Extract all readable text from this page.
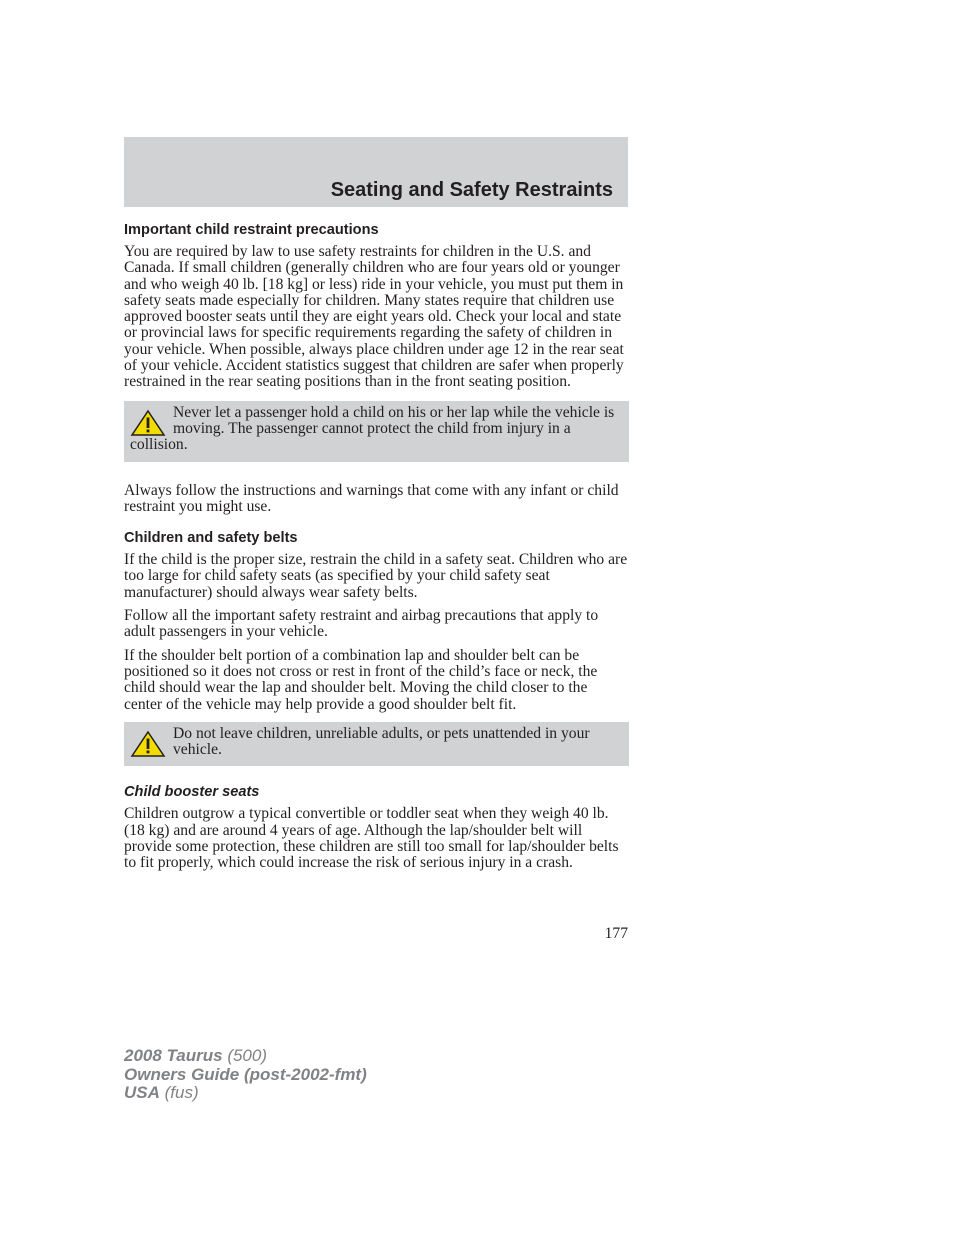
Seating and Safety Restraints
Important child restraint precautions

You are required by law to use safety restraints for children in the U.S. and Canada. If small children (generally children who are four years old or younger and who weigh 40 lb. [18 kg] or less) ride in your vehicle, you must put them in safety seats made especially for children. Many states require that children use approved booster seats until they are eight years old. Check your local and state or provincial laws for specific requirements regarding the safety of children in your vehicle. When possible, always place children under age 12 in the rear seat of your vehicle. Accident statistics suggest that children are safer when properly restrained in the rear seating positions than in the front seating position.

Never let a passenger hold a child on his or her lap while the vehicle is moving. The passenger cannot protect the child from injury in a collision.

Always follow the instructions and warnings that come with any infant or child restraint you might use.

Children and safety belts

If the child is the proper size, restrain the child in a safety seat. Children who are too large for child safety seats (as specified by your child safety seat manufacturer) should always wear safety belts.

Follow all the important safety restraint and airbag precautions that apply to adult passengers in your vehicle.

If the shoulder belt portion of a combination lap and shoulder belt can be positioned so it does not cross or rest in front of the child’s face or neck, the child should wear the lap and shoulder belt. Moving the child closer to the center of the vehicle may help provide a good shoulder belt fit.

Do not leave children, unreliable adults, or pets unattended in your vehicle.
Child booster seats

Children outgrow a typical convertible or toddler seat when they weigh 40 lb. (18 kg) and are around 4 years of age. Although the lap/shoulder belt will provide some protection, these children are still too small for lap/shoulder belts to fit properly, which could increase the risk of serious injury in a crash.

177
2008 Taurus (500)
Owners Guide (post-2002-fmt)
USA (fus)
